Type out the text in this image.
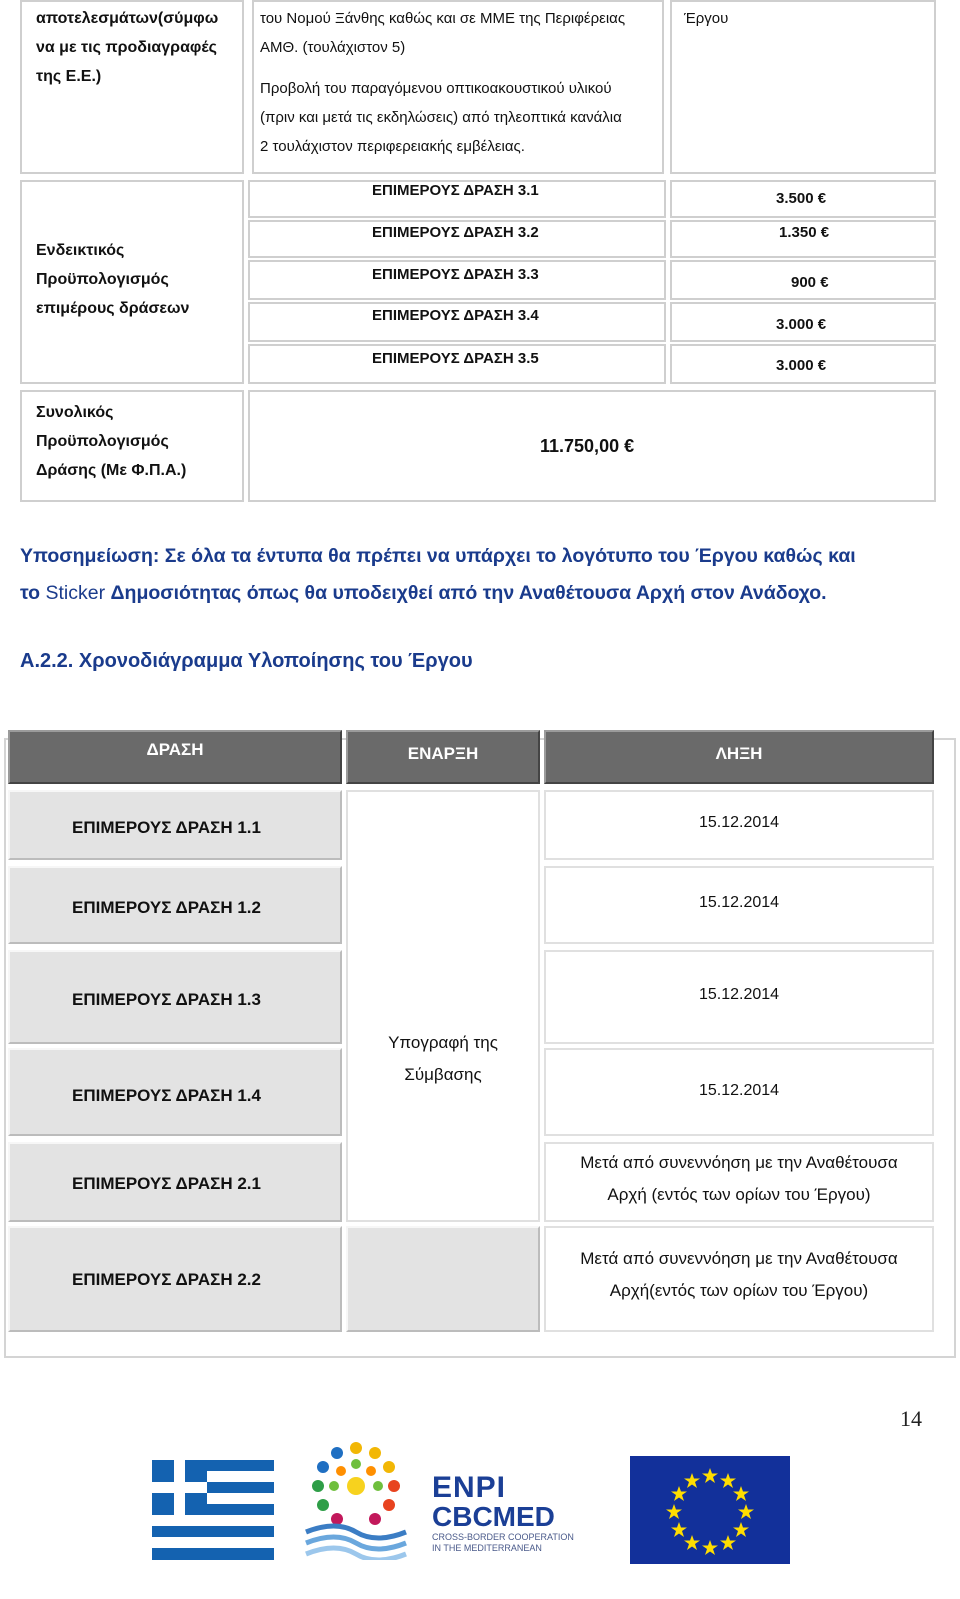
αποτελεσμάτων(σύμφω
να με τις προδιαγραφές
της Ε.Ε.)
του Νομού Ξάνθης καθώς και σε ΜΜΕ της Περιφέρειας
ΑΜΘ. (τουλάχιστον 5)
Προβολή του παραγόμενου οπτικοακουστικού υλικού
(πριν και μετά τις εκδηλώσεις) από τηλεοπτικά κανάλια
2 τουλάχιστον περιφερειακής εμβέλειας.
Έργου
Ενδεικτικός
Προϋπολογισμός
επιμέρους δράσεων
ΕΠΙΜΕΡΟΥΣ ΔΡΑΣΗ 3.1
ΕΠΙΜΕΡΟΥΣ ΔΡΑΣΗ 3.2
ΕΠΙΜΕΡΟΥΣ ΔΡΑΣΗ 3.3
ΕΠΙΜΕΡΟΥΣ ΔΡΑΣΗ 3.4
ΕΠΙΜΕΡΟΥΣ ΔΡΑΣΗ 3.5
3.500 €
1.350 €
900 €
3.000 €
3.000 €
Συνολικός
Προϋπολογισμός
Δράσης (Με Φ.Π.Α.)
11.750,00 €
Υποσημείωση: Σε όλα τα έντυπα θα πρέπει να υπάρχει το λογότυπο του Έργου καθώς και
το Sticker Δημοσιότητας όπως θα υποδειχθεί από την Αναθέτουσα Αρχή στον Ανάδοχο.
Α.2.2. Χρονοδιάγραμμα Υλοποίησης του Έργου
ΔΡΑΣΗ	ΕΝΑΡΞΗ	ΛΗΞΗ
ΕΠΙΜΕΡΟΥΣ ΔΡΑΣΗ 1.1
ΕΠΙΜΕΡΟΥΣ ΔΡΑΣΗ 1.2
ΕΠΙΜΕΡΟΥΣ ΔΡΑΣΗ 1.3
ΕΠΙΜΕΡΟΥΣ ΔΡΑΣΗ 1.4
ΕΠΙΜΕΡΟΥΣ ΔΡΑΣΗ 2.1
ΕΠΙΜΕΡΟΥΣ ΔΡΑΣΗ 2.2
Υπογραφή της
Σύμβασης
15.12.2014
15.12.2014
15.12.2014
15.12.2014
Μετά από συνεννόηση με την Αναθέτουσα
Αρχή (εντός των ορίων του Έργου)
Μετά από συνεννόηση με την Αναθέτουσα
Αρχή(εντός των ορίων του Έργου)
14
ENPI
CBCMED
CROSS-BORDER COOPERATION
IN THE MEDITERRANEAN
